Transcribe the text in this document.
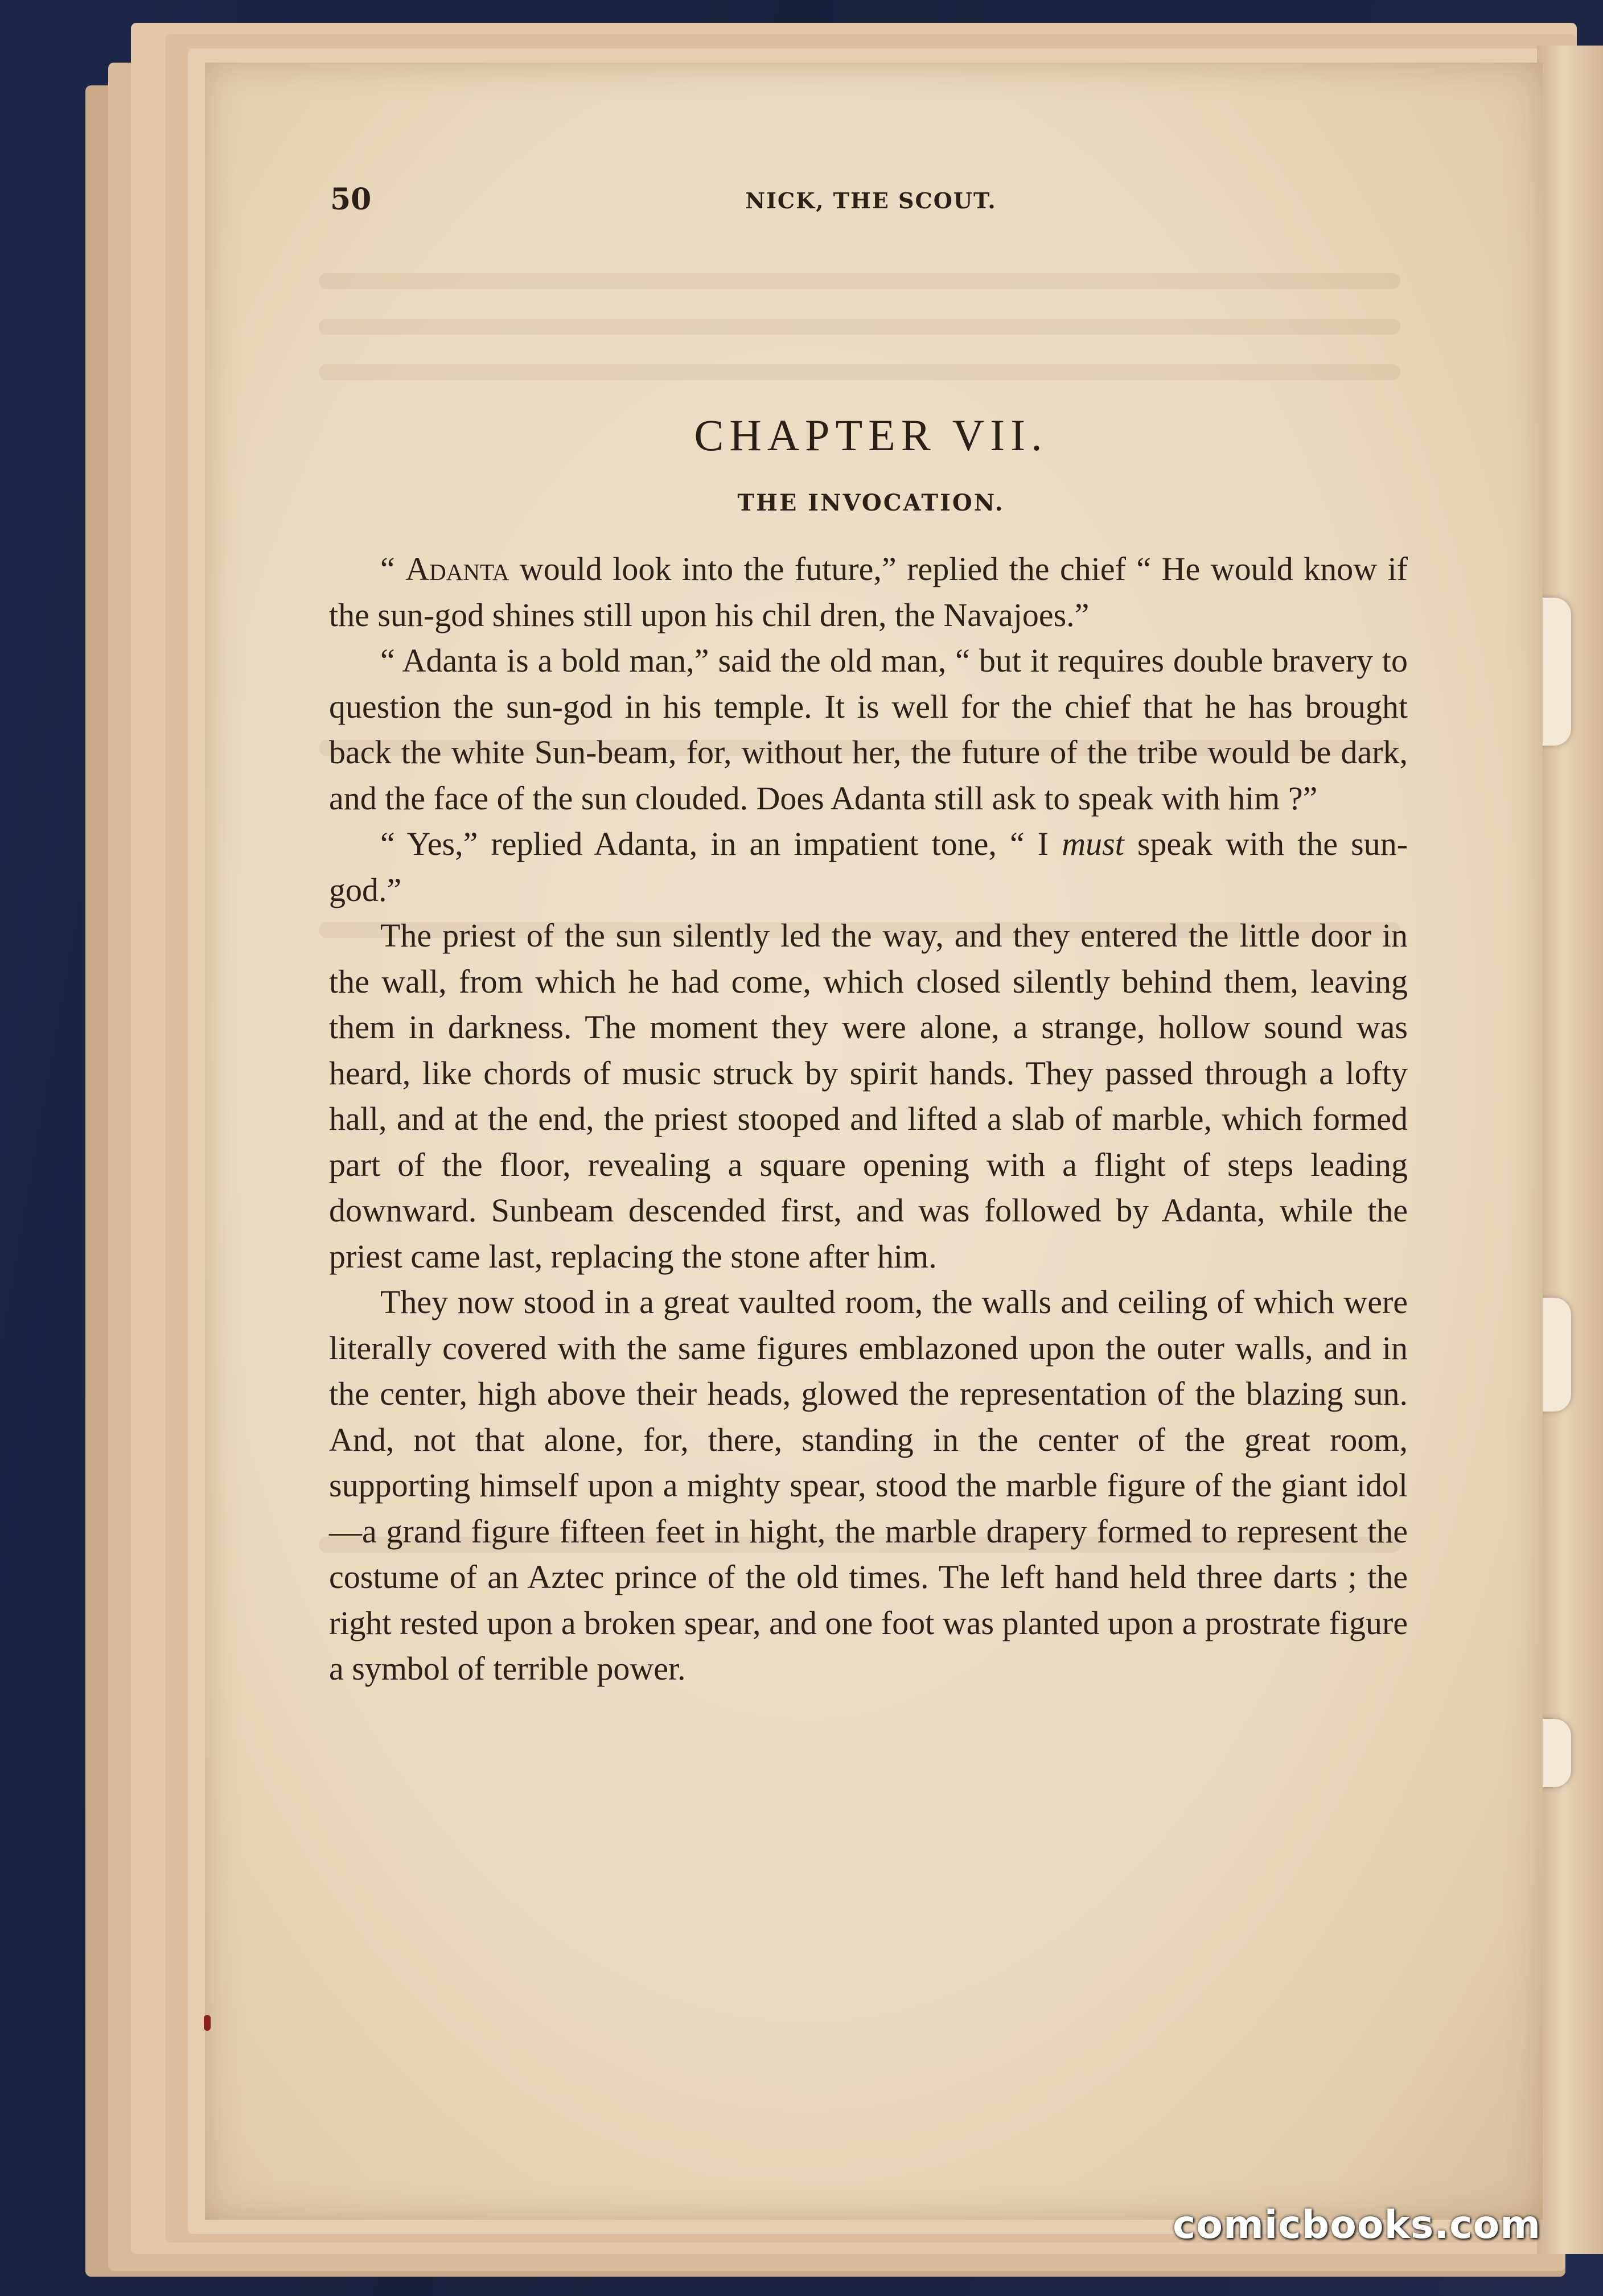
50	NICK, THE SCOUT.
CHAPTER VII.
THE INVOCATION.

“ Adanta would look into the future,” replied the chief “ He would know if the sun-god shines still upon his chil dren, the Navajoes.”

“ Adanta is a bold man,” said the old man, “ but it requires double bravery to question the sun-god in his temple. It is well for the chief that he has brought back the white Sun-beam, for, without her, the future of the tribe would be dark, and the face of the sun clouded. Does Adanta still ask to speak with him ?”

“ Yes,” replied Adanta, in an impatient tone, “ I must speak with the sun-god.”

The priest of the sun silently led the way, and they entered the little door in the wall, from which he had come, which closed silently behind them, leaving them in darkness. The moment they were alone, a strange, hollow sound was heard, like chords of music struck by spirit hands. They passed through a lofty hall, and at the end, the priest stooped and lifted a slab of marble, which formed part of the floor, revealing a square opening with a flight of steps leading downward. Sunbeam descended first, and was followed by Adanta, while the priest came last, replacing the stone after him.

They now stood in a great vaulted room, the walls and ceiling of which were literally covered with the same figures emblazoned upon the outer walls, and in the center, high above their heads, glowed the representation of the blazing sun. And, not that alone, for, there, standing in the center of the great room, supporting himself upon a mighty spear, stood the marble figure of the giant idol—a grand figure fifteen feet in hight, the marble drapery formed to represent the costume of an Aztec prince of the old times. The left hand held three darts ; the right rested upon a broken spear, and one foot was planted upon a prostrate figure a symbol of terrible power.

comicbooks.com
